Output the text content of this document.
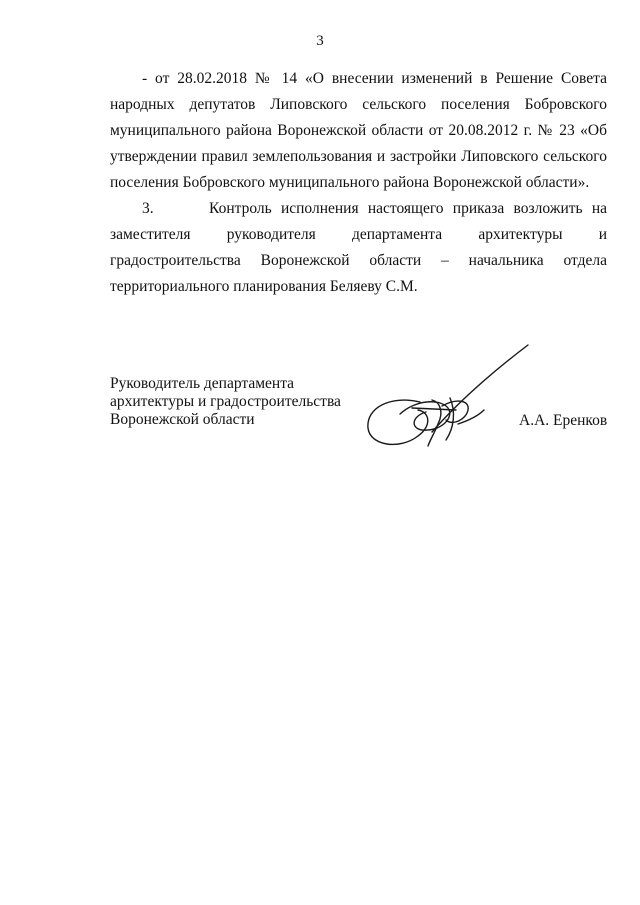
3

- от 28.02.2018 № 14 «О внесении изменений в Решение Совета народных депутатов Липовского сельского поселения Бобровского муниципального района Воронежской области от 20.08.2012 г. № 23 «Об утверждении правил землепользования и застройки Липовского сельского поселения Бобровского муниципального района Воронежской области».

3.      Контроль исполнения настоящего приказа возложить на заместителя руководителя департамента архитектуры и градостроительства Воронежской области – начальника отдела территориального планирования Беляеву С.М.

Руководитель департамента
архитектуры и градостроительства
Воронежской области	А.А. Еренков
